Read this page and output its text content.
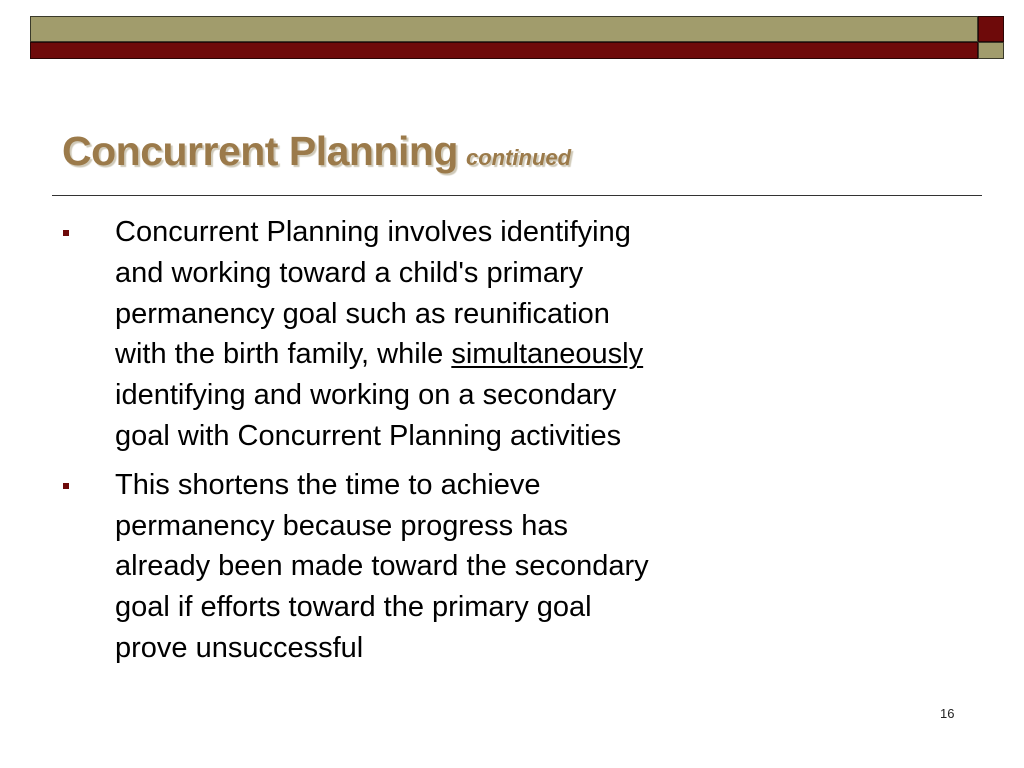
Concurrent Planning continued
Concurrent Planning involves identifying
and working toward a child's primary
permanency goal such as reunification
with the birth family, while simultaneously
identifying and working on a secondary
goal with Concurrent Planning activities
This shortens the time to achieve
permanency because progress has
already been made toward the secondary
goal if efforts toward the primary goal
prove unsuccessful
16
